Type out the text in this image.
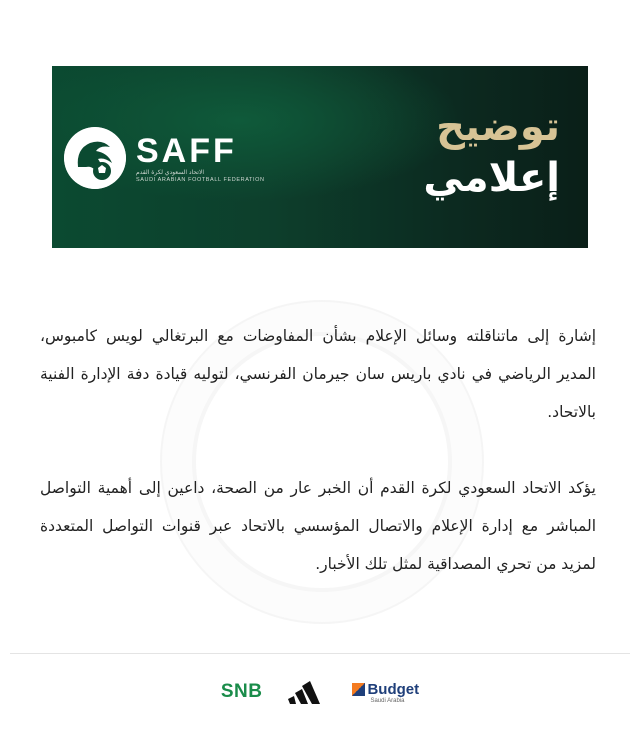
SAFF
الاتحاد السعودي لكرة القدم
SAUDI ARABIAN FOOTBALL FEDERATION
توضيح
إعلامي
إشارة إلى ماتناقلته وسائل الإعلام بشأن المفاوضات مع البرتغالي لويس كامبوس، المدير الرياضي في نادي باريس سان جيرمان الفرنسي، لتوليه قيادة دفة الإدارة الفنية بالاتحاد.
يؤكد الاتحاد السعودي لكرة القدم أن الخبر عار من الصحة، داعين إلى أهمية التواصل المباشر مع إدارة الإعلام والاتصال المؤسسي بالاتحاد عبر قنوات التواصل المتعددة لمزيد من تحري المصداقية لمثل تلك الأخبار.
SNB	Budget
Saudi Arabia
